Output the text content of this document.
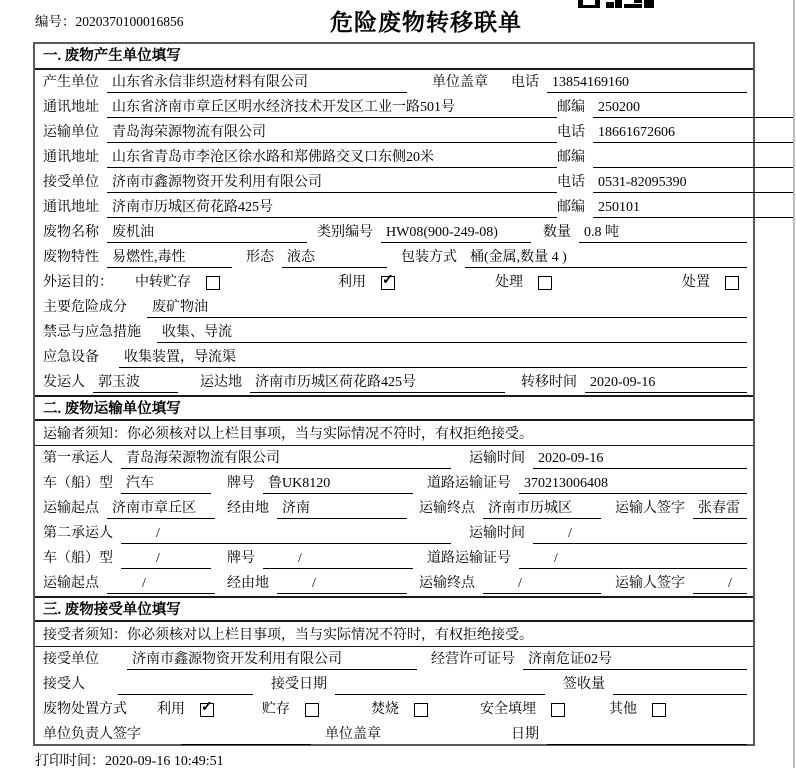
编号：2020370100016856	危险废物转移联单
一. 废物产生单位填写
产生单位 山东省永信非织造材料有限公司	单位盖章	电话 13854169160
通讯地址 山东省济南市章丘区明水经济技术开发区工业一路501号	邮编 250200
运输单位 青岛海荣源物流有限公司	电话 18661672606
通讯地址 山东省青岛市李沧区徐水路和郑佛路交叉口东侧20米	邮编
接受单位 济南市鑫源物资开发利用有限公司	电话 0531-82095390
通讯地址 济南市历城区荷花路425号	邮编 250101
废物名称 废机油	类别编号 HW08(900-249-08)	数量 0.8 吨
废物特性 易燃性,毒性	形态 液态	包装方式 桶(金属,数量 4 )
外运目的：	中转贮存	利用 ✓	处理	处置
主要危险成分	废矿物油
禁忌与应急措施	收集、导流
应急设备	收集装置，导流渠
发运人 郭玉波	运达地 济南市历城区荷花路425号	转移时间 2020-09-16
二. 废物运输单位填写
运输者须知：你必须核对以上栏目事项，当与实际情况不符时，有权拒绝接受。
第一承运人 青岛海荣源物流有限公司	运输时间 2020-09-16
车（船）型 汽车	牌号 鲁UK8120	道路运输证号 370213006408
运输起点 济南市章丘区	经由地 济南	运输终点 济南市历城区	运输人签字 张春雷
第二承运人	/	运输时间	/
车（船）型	/	牌号	/	道路运输证号	/
运输起点	/	经由地	/	运输终点	/	运输人签字	/
三. 废物接受单位填写
接受者须知：你必须核对以上栏目事项，当与实际情况不符时，有权拒绝接受。
接受单位	济南市鑫源物资开发利用有限公司	经营许可证号 济南危证02号
接受人	接受日期	签收量
废物处置方式	利用 ✓	贮存	焚烧	安全填埋	其他
单位负责人签字	单位盖章	日期
打印时间：2020-09-16 10:49:51
